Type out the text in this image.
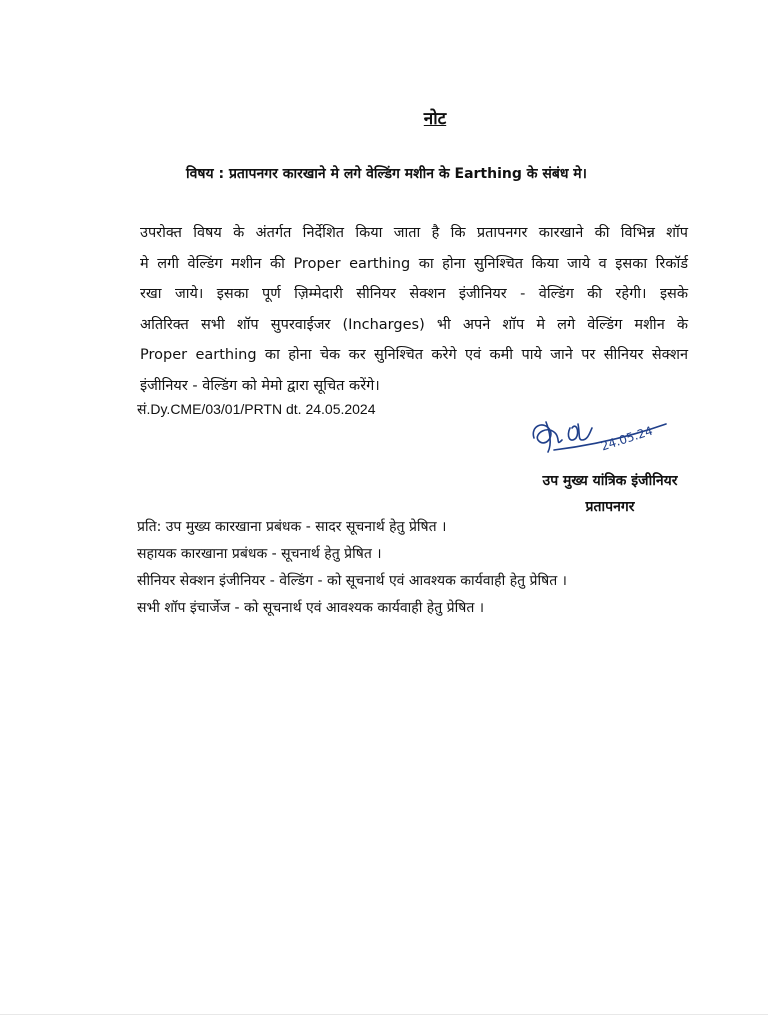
नोट
विषय : प्रतापनगर कारखाने मे लगे वेल्डिंग मशीन के Earthing के संबंध मे।
उपरोक्त विषय के अंतर्गत निर्देशित किया जाता है कि प्रतापनगर कारखाने की विभिन्न शॉप
मे लगी वेल्डिंग मशीन की Proper earthing का होना सुनिश्चित किया जाये व इसका रिकॉर्ड
रखा जाये। इसका पूर्ण ज़िम्मेदारी सीनियर सेक्शन इंजीनियर - वेल्डिंग की रहेगी। इसके
अतिरिक्त सभी शॉप सुपरवाईजर (Incharges) भी अपने शॉप मे लगे वेल्डिंग मशीन के
Proper earthing का होना चेक कर सुनिश्चित करेगे एवं कमी पाये जाने पर सीनियर सेक्शन
इंजीनियर - वेल्डिंग को मेमो द्वारा सूचित करेंगे।
सं.Dy.CME/03/01/PRTN dt. 24.05.2024
24.05.24
उप मुख्य यांत्रिक इंजीनियर
प्रतापनगर
प्रति: उप मुख्य कारखाना प्रबंधक - सादर सूचनार्थ हेतु प्रेषित ।
सहायक कारखाना प्रबंधक - सूचनार्थ हेतु प्रेषित ।
सीनियर सेक्शन इंजीनियर - वेल्डिंग - को सूचनार्थ एवं आवश्यक कार्यवाही हेतु प्रेषित ।
सभी शॉप इंचार्जेज - को सूचनार्थ एवं आवश्यक कार्यवाही हेतु प्रेषित ।
